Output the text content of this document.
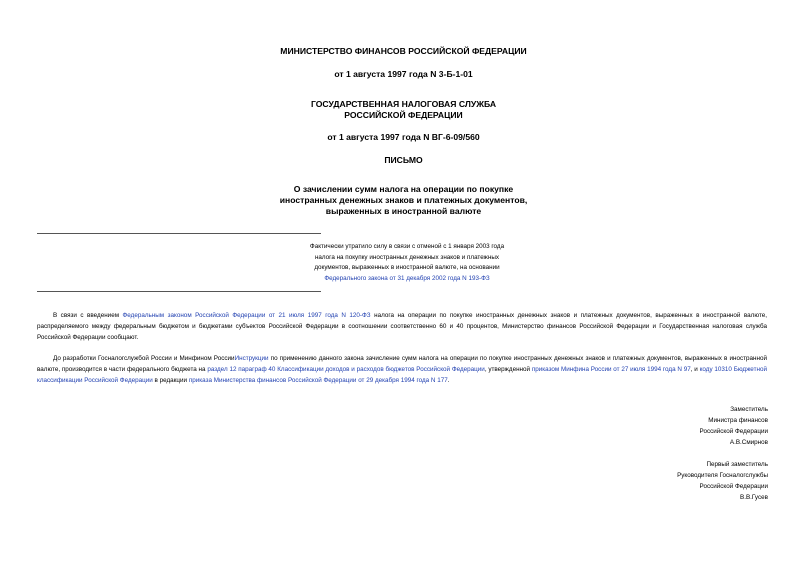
МИНИСТЕРСТВО ФИНАНСОВ РОССИЙСКОЙ ФЕДЕРАЦИИ
от 1 августа 1997 года N 3-Б-1-01
ГОСУДАРСТВЕННАЯ НАЛОГОВАЯ СЛУЖБА
РОССИЙСКОЙ ФЕДЕРАЦИИ
от 1 августа 1997 года N ВГ-6-09/560
ПИСЬМО
О зачислении сумм налога на операции по покупке
иностранных денежных знаков и платежных документов,
выраженных в иностранной валюте
Фактически утратило силу в связи с отменой с 1 января 2003 года
налога на покупку иностранных денежных знаков и платежных
документов, выраженных в иностранной валюте, на основании
Федерального закона от 31 декабря 2002 года N 193-ФЗ
В связи с введением Федеральным законом Российской Федерации от 21 июля 1997 года N 120-ФЗ налога на операции по покупке иностранных денежных знаков и платежных документов, выраженных в иностранной валюте, распределяемого между федеральным бюджетом и бюджетами субъектов Российской Федерации в соотношении соответственно 60 и 40 процентов, Министерство финансов Российской Федерации и Государственная налоговая служба Российской Федерации сообщают.
До разработки Госналогслужбой России и Минфином РоссииИнструкции по применению данного закона зачисление сумм налога на операции по покупке иностранных денежных знаков и платежных документов, выраженных в иностранной валюте, производится в части федерального бюджета на раздел 12 параграф 40 Классификации доходов и расходов бюджетов Российской Федерации, утвержденной приказом Минфина России от 27 июля 1994 года N 97, и коду 10310 Бюджетной классификации Российской Федерации в редакции приказа Министерства финансов Российской Федерации от 29 декабря 1994 года N 177.
Заместитель
Министра финансов
Российской Федерации
А.В.Смирнов
Первый заместитель
Руководителя Госналогслужбы
Российской Федерации
В.В.Гусев
